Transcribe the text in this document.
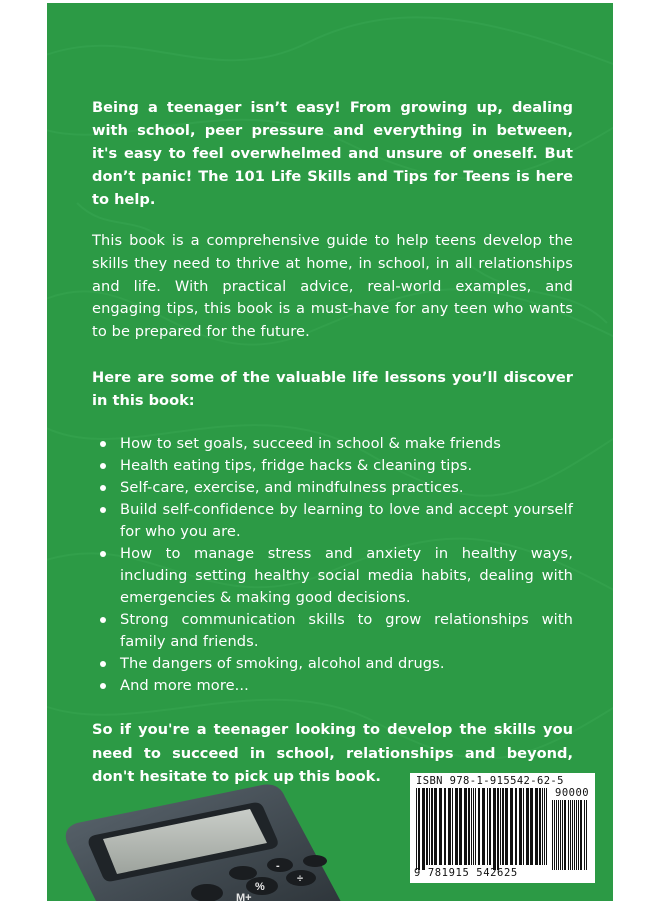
Being a teenager isn’t easy! From growing up, dealing with school, peer pressure and everything in between, it's easy to feel overwhelmed and unsure of oneself. But don’t panic! The 101 Life Skills and Tips for Teens is here to help.

This book is a comprehensive guide to help teens develop the skills they need to thrive at home, in school, in all relationships and life. With practical advice, real-world examples, and engaging tips, this book is a must-have for any teen who wants to be prepared for the future.

Here are some of the valuable life lessons you’ll discover in this book:

How to set goals, succeed in school & make friends
Health eating tips, fridge hacks & cleaning tips.
Self-care, exercise, and mindfulness practices.
Build self-confidence by learning to love and accept yourself for who you are.
How to manage stress and anxiety in healthy ways, including setting healthy social media habits, dealing with emergencies & making good decisions.
Strong communication skills to grow relationships with family and friends.
The dangers of smoking, alcohol and drugs.
And more more...

So if you're a teenager looking to develop the skills you need to succeed in school, relationships and beyond, don't hesitate to pick up this book.

%
-
÷
M+
ISBN 978-1-915542-62-5
90000
9 781915 542625
